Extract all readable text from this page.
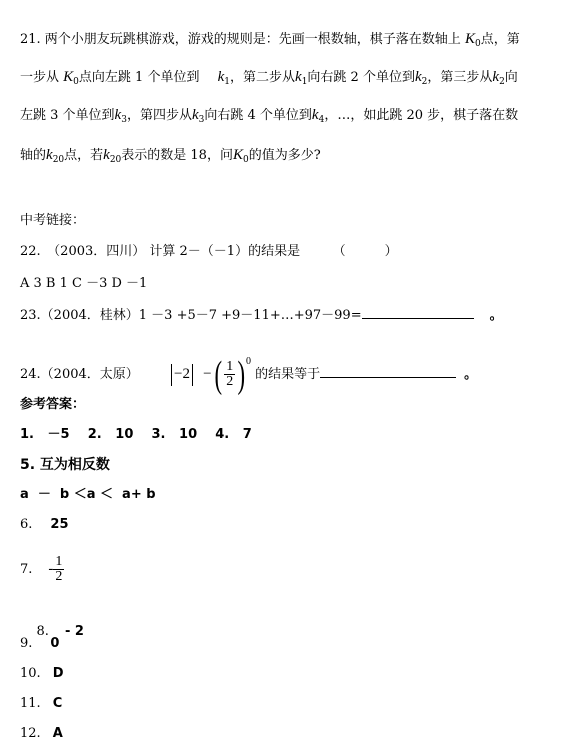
21. 两个小朋友玩跳棋游戏，游戏的规则是：先画一根数轴，棋子落在数轴上 $K_0$点，第
一步从 $K_0$点向左跳 1 个单位到 $k_1$，第二步从$k_1$向右跳 2 个单位到$k_2$，第三步从$k_2$向
左跳 3 个单位到$k_3$，第四步从$k_3$向右跳 4 个单位到$k_4$，…，如此跳 20 步，棋子落在数
轴的$k_{20}$点，若$k_{20}$表示的数是 18，问$K_0$的值为多少?
中考链接：
22.　（2003．四川） 计算 2－（－1）的结果是　　　（　　　）
A 3 B 1 C －3 D －1
23.（2004．桂林）1 －3 +5－7 +9－11+…+97－99=	。
24.（2004．太原） −2 −( $\frac{1}{2} )^0$ 的结果等于	。
参考答案：
1.   －5    2.   10    3.   10    4.   7
5. 互为相反数
a  －  b ＜a ＜  a+ b
6. 25
7. - $\frac{1}{2}$

8. - 2

9. 0
10. D
11. C
12. A
